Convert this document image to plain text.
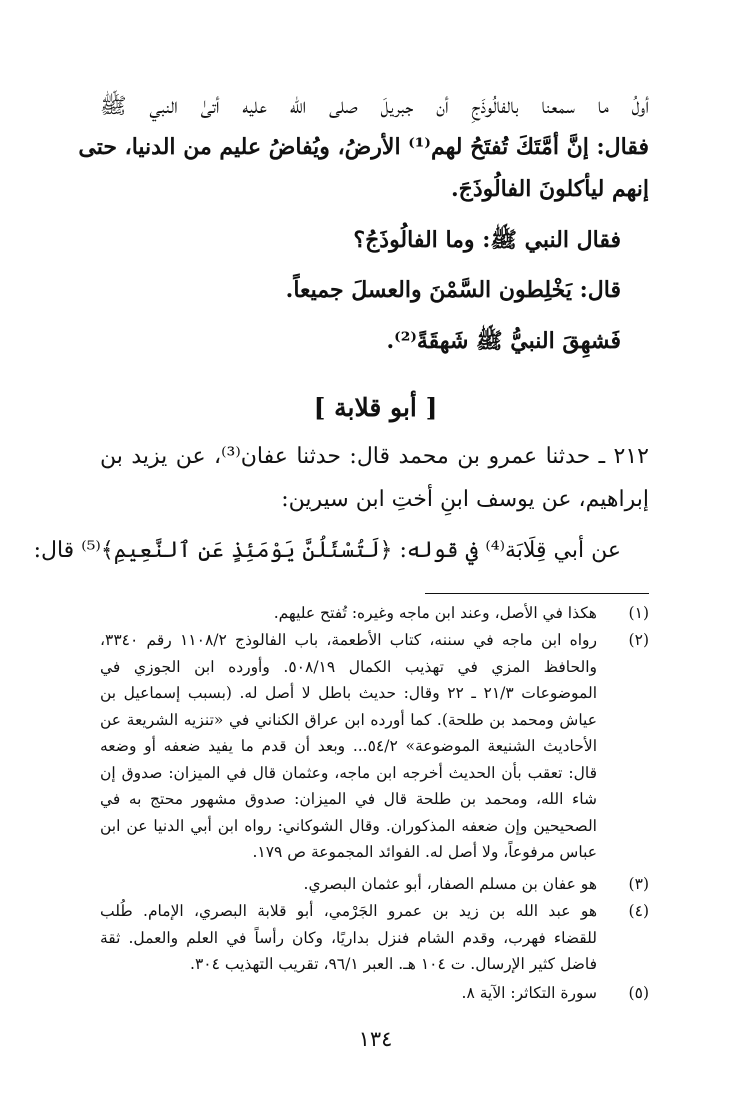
أولُ ما سمعنا بالفالُوذَجِ أن جبريلَ صلى الله عليه أتىٰ النبي ﷺ
فقال: إنَّ أمَّتَكَ تُفتَحُ لهم⁽¹⁾ الأرضُ، ويُفاضُ عليم من الدنيا، حتى
إنهم ليأكلونَ الفالُوذَجَ.
فقال النبي ﷺ: وما الفالُوذَجُ؟
قال: يَخْلِطون السَّمْنَ والعسلَ جميعاً.
فَشهِقَ النبيُّ ﷺ شَهقَةً⁽²⁾.
[ أبو قلابة ]
٢١٢ ـ حدثنا عمرو بن محمد قال: حدثنا عفان⁽³⁾، عن يزيد بن
إبراهيم، عن يوسف ابنِ أختِ ابن سيرين:
عن أبي قِلَابَة⁽⁴⁾ في قوله: ﴿لَتُسْئَلُنَّ يَوْمَئِذٍ عَنِ ٱلنَّعِيمِ﴾⁽⁵⁾ قال:
(١)
هكذا في الأصل، وعند ابن ماجه وغيره: تُفتح عليهم.
(٢)
رواه ابن ماجه في سننه، كتاب الأطعمة، باب الفالوذج ١١٠٨/٢ رقم ٣٣٤٠،
والحافظ المزي في تهذيب الكمال ٥٠٨/١٩. وأورده ابن الجوزي في
الموضوعات ٢١/٣ ـ ٢٢ وقال: حديث باطل لا أصل له. (بسبب إسماعيل بن
عياش ومحمد بن طلحة). كما أورده ابن عراق الكناني في «تنزيه الشريعة عن
الأحاديث الشنيعة الموضوعة» ٥٤/٢... وبعد أن قدم ما يفيد ضعفه أو وضعه
قال: تعقب بأن الحديث أخرجه ابن ماجه، وعثمان قال في الميزان: صدوق إن
شاء الله، ومحمد بن طلحة قال في الميزان: صدوق مشهور محتج به في
الصحيحين وإن ضعفه المذكوران. وقال الشوكاني: رواه ابن أبي الدنيا عن ابن
عباس مرفوعاً، ولا أصل له. الفوائد المجموعة ص ١٧٩.
(٣)
هو عفان بن مسلم الصفار، أبو عثمان البصري.
(٤)
هو عبد الله بن زيد بن عمرو الجَرْمي، أبو قلابة البصري، الإمام. طُلب
للقضاء فهرب، وقدم الشام فنزل بداريًا، وكان رأساً في العلم والعمل. ثقة
فاضل كثير الإرسال. ت ١٠٤ هـ. العبر ٩٦/١، تقريب التهذيب ٣٠٤.
(٥)
سورة التكاثر: الآية ٨.
١٣٤
